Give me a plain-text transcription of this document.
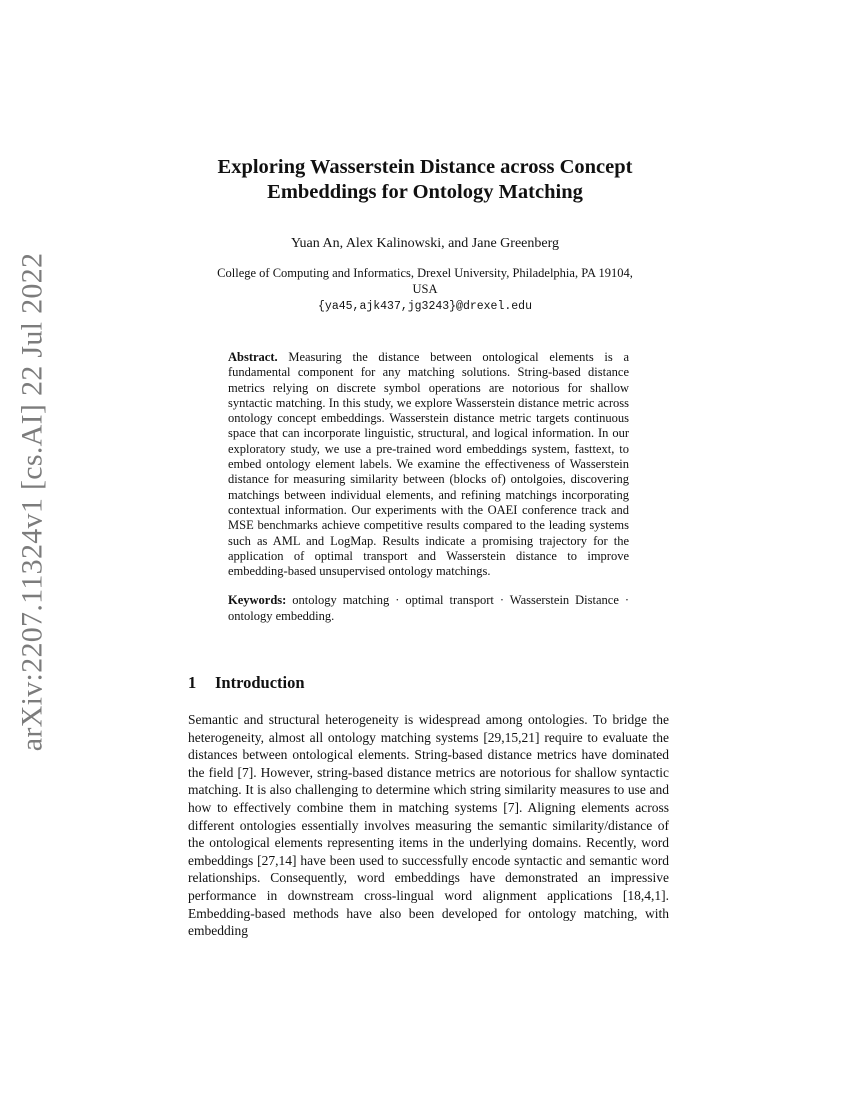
arXiv:2207.11324v1 [cs.AI] 22 Jul 2022
Exploring Wasserstein Distance across Concept
Embeddings for Ontology Matching
Yuan An, Alex Kalinowski, and Jane Greenberg
College of Computing and Informatics, Drexel University, Philadelphia, PA 19104,
USA
{ya45,ajk437,jg3243}@drexel.edu

Abstract. Measuring the distance between ontological elements is a fundamental component for any matching solutions. String-based distance metrics relying on discrete symbol operations are notorious for shallow syntactic matching. In this study, we explore Wasserstein distance metric across ontology concept embeddings. Wasserstein distance metric targets continuous space that can incorporate linguistic, structural, and logical information. In our exploratory study, we use a pre-trained word embeddings system, fasttext, to embed ontology element labels. We examine the effectiveness of Wasserstein distance for measuring similarity between (blocks of) ontolgoies, discovering matchings between individual elements, and refining matchings incorporating contextual information. Our experiments with the OAEI conference track and MSE benchmarks achieve competitive results compared to the leading systems such as AML and LogMap. Results indicate a promising trajectory for the application of optimal transport and Wasserstein distance to improve embedding-based unsupervised ontology matchings.

Keywords: ontology matching · optimal transport · Wasserstein Distance · ontology embedding.

1 Introduction

Semantic and structural heterogeneity is widespread among ontologies. To bridge the heterogeneity, almost all ontology matching systems [29,15,21] require to evaluate the distances between ontological elements. String-based distance metrics have dominated the field [7]. However, string-based distance metrics are notorious for shallow syntactic matching. It is also challenging to determine which string similarity measures to use and how to effectively combine them in matching systems [7]. Aligning elements across different ontologies essentially involves measuring the semantic similarity/distance of the ontological elements representing items in the underlying domains. Recently, word embeddings [27,14] have been used to successfully encode syntactic and semantic word relationships. Consequently, word embeddings have demonstrated an impressive performance in downstream cross-lingual word alignment applications [18,4,1]. Embedding-based methods have also been developed for ontology matching, with embedding
